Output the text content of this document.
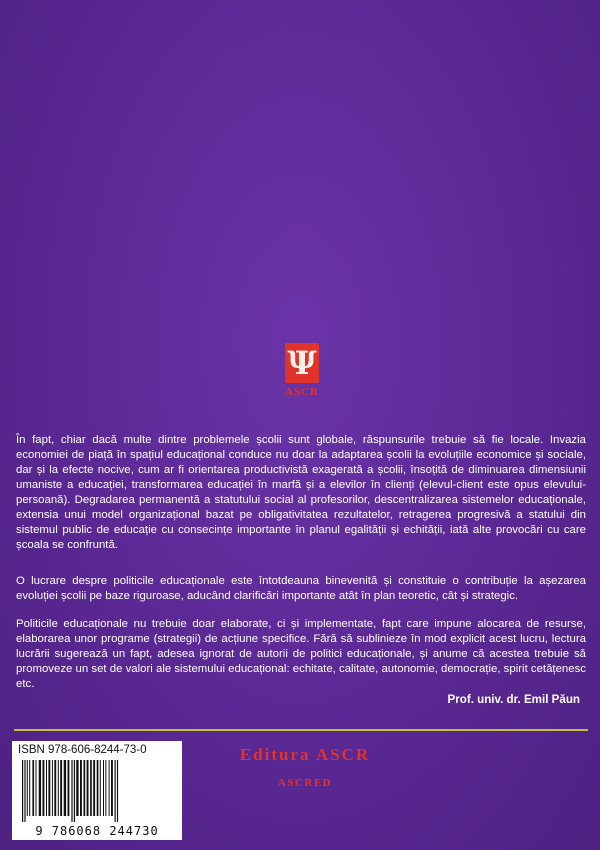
Ψ
ASCR
În fapt, chiar dacă multe dintre problemele școlii sunt globale, răspunsurile trebuie să fie locale. Invazia economiei de piață în spațiul educațional conduce nu doar la adaptarea școlii la evoluțiile economice și sociale, dar și la efecte nocive, cum ar fi orientarea productivistă exagerată a școlii, însoțită de diminuarea dimensiunii umaniste a educației, transformarea educației în marfă și a elevilor în clienți (elevul-client este opus elevului-persoană). Degradarea permanentă a statutului social al profesorilor, descentralizarea sistemelor educaționale, extensia unui model organizațional bazat pe obligativitatea rezultatelor, retragerea progresivă a statului din sistemul public de educație cu consecințe importante în planul egalității și echității, iată alte provocări cu care școala se confruntă.
O lucrare despre politicile educaționale este întotdeauna binevenită și constituie o contribuție la așezarea evoluției școlii pe baze riguroase, aducând clarificări importante atât în plan teoretic, cât și strategic.
Politicile educaționale nu trebuie doar elaborate, ci și implementate, fapt care impune alocarea de resurse, elaborarea unor programe (strategii) de acțiune specifice. Fără să sublinieze în mod explicit acest lucru, lectura lucrării sugerează un fapt, adesea ignorat de autorii de politici educaționale, și anume că acestea trebuie să promoveze un set de valori ale sistemului educațional: echitate, calitate, autonomie, democrație, spirit cetățenesc etc.
Prof. univ. dr. Emil Păun
ISBN 978-606-8244-73-0
9 786068 244730
Editura ASCR
ASCRED
